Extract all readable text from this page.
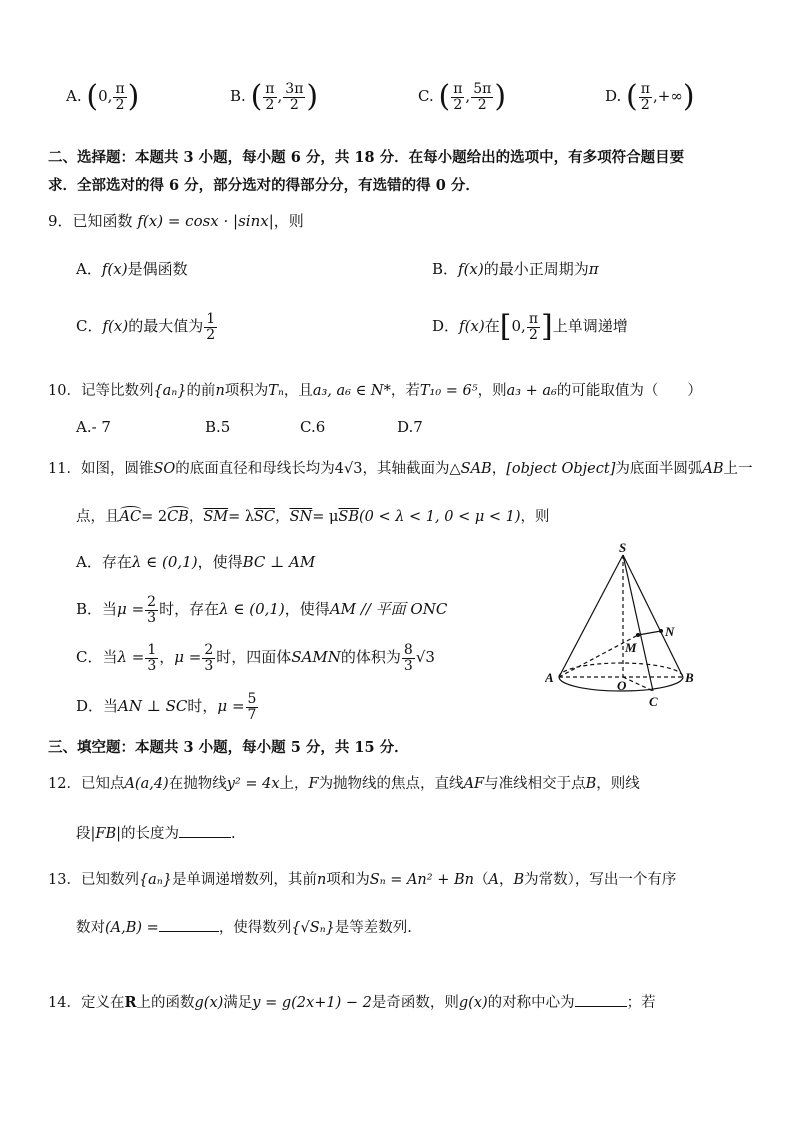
A. (0, $\frac{\pi}{2}$ )	B. ( $\frac{\pi}{2}$ , $\frac{3\pi}{2}$ )	C. ( $\frac{\pi}{2}$ , $\frac{5\pi}{2}$ )	D. ( $\frac{\pi}{2}$ ,+∞)
二、选择题：本题共 3 小题，每小题 6 分，共 18 分．在每小题给出的选项中，有多项符合题目要
求．全部选对的得 6 分，部分选对的得部分分，有选错的得 0 分．
9．已知函数 f(x) = cosx · |sinx|，则
A．f(x)是偶函数	B．f(x)的最小正周期为π
C．f(x)的最大值为 $\frac{1}{2}$	D．f(x)在[0, $\frac{\pi}{2}$ ]上单调递增
10．记等比数列{aₙ}的前n项积为Tₙ，且a₃, a₆ ∈ N*，若T₁₀ = 6⁵，则a₃ + a₆的可能取值为（　　）
A.- 7	B.5	C.6	D.7
11．如图，圆锥SO的底面直径和母线长均为4√3，其轴截面为△SAB，[object Object]为底面半圆弧AB上一
点，且AC= 2CB，$\overline{SM}= \lambda\overline{SC}$，$\overline{SN}= \mu\overline{SB}(0 < \lambda < 1$, 0 < μ < 1)，则
A．存在λ ∈ (0,1)，使得BC ⊥ AM
B．当$\mu = \frac{2}{3}$ 时，存在λ ∈ (0,1)，使得AM // 平面 ONC
C．当$\lambda = \frac{1}{3}$ ，$\mu = \frac{2}{3}$ 时，四面体SAMN的体积为 $\frac{8}{3} √3$
D．当AN ⊥ SC时，$\mu = \frac{5}{7}$
S
N
M
A
O
B
C
三、填空题：本题共 3 小题，每小题 5 分，共 15 分．
12．已知点A(a,4)在抛物线y² = 4x上，F为抛物线的焦点，直线AF与准线相交于点B，则线
段|FB|的长度为	.
13．已知数列{aₙ}是单调递增数列，其前n项和为Sₙ = An² + Bn（A，B为常数），写出一个有序
数对(A,B) =	，使得数列{√Sₙ}是等差数列.
14．定义在R上的函数g(x)满足y = g(2x+1) − 2是奇函数，则g(x)的对称中心为	；若
